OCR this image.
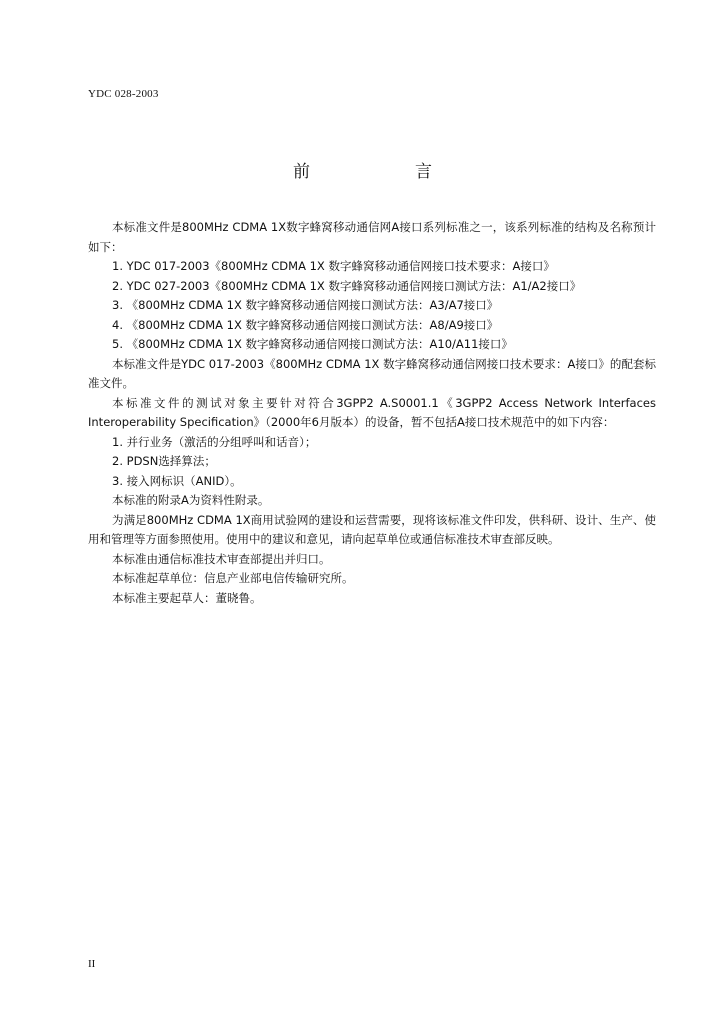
YDC 028-2003
前　言

本标准文件是800MHz CDMA 1X数字蜂窝移动通信网A接口系列标准之一，该系列标准的结构及名称预计如下：

1. YDC 017-2003《800MHz CDMA 1X 数字蜂窝移动通信网接口技术要求：A接口》

2. YDC 027-2003《800MHz CDMA 1X 数字蜂窝移动通信网接口测试方法：A1/A2接口》

3. 《800MHz CDMA 1X 数字蜂窝移动通信网接口测试方法：A3/A7接口》

4. 《800MHz CDMA 1X 数字蜂窝移动通信网接口测试方法：A8/A9接口》

5. 《800MHz CDMA 1X 数字蜂窝移动通信网接口测试方法：A10/A11接口》

本标准文件是YDC 017-2003《800MHz CDMA 1X 数字蜂窝移动通信网接口技术要求：A接口》的配套标准文件。

本标准文件的测试对象主要针对符合3GPP2 A.S0001.1《3GPP2 Access Network Interfaces Interoperability Specification》（2000年6月版本）的设备，暂不包括A接口技术规范中的如下内容：

1. 并行业务（激活的分组呼叫和话音）；

2. PDSN选择算法；

3. 接入网标识（ANID）。

本标准的附录A为资料性附录。

为满足800MHz CDMA 1X商用试验网的建设和运营需要，现将该标准文件印发，供科研、设计、生产、使用和管理等方面参照使用。使用中的建议和意见，请向起草单位或通信标准技术审查部反映。

本标准由通信标准技术审查部提出并归口。

本标准起草单位：信息产业部电信传输研究所。

本标准主要起草人：董晓鲁。

II
